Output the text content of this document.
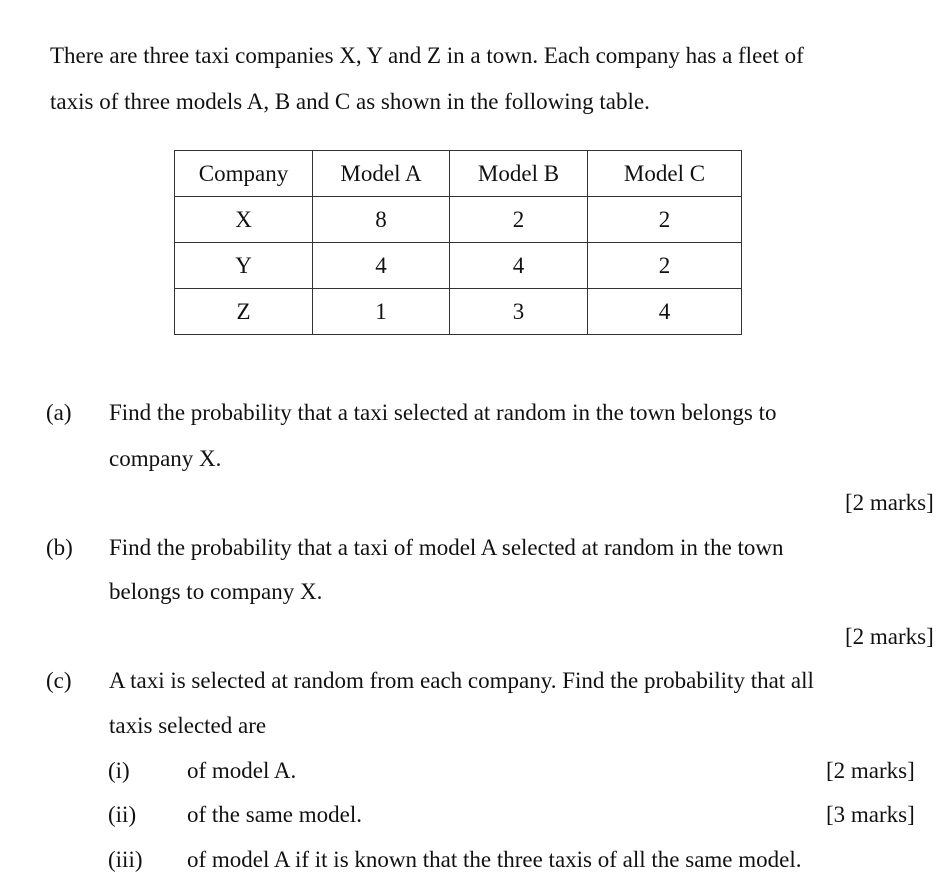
There are three taxi companies X, Y and Z in a town. Each company has a fleet of
taxis of three models A, B and C as shown in the following table.
Company	Model A	Model B	Model C
X	8	2	2
Y	4	4	2
Z	1	3	4
(a) Find the probability that a taxi selected at random in the town belongs to
company X.
[2 marks]
(b) Find the probability that a taxi of model A selected at random in the town
belongs to company X.
[2 marks]
(c) A taxi is selected at random from each company. Find the probability that all
taxis selected are
(i) of model A.	[2 marks]
(ii) of the same model.	[3 marks]
(iii) of model A if it is known that the three taxis of all the same model.
